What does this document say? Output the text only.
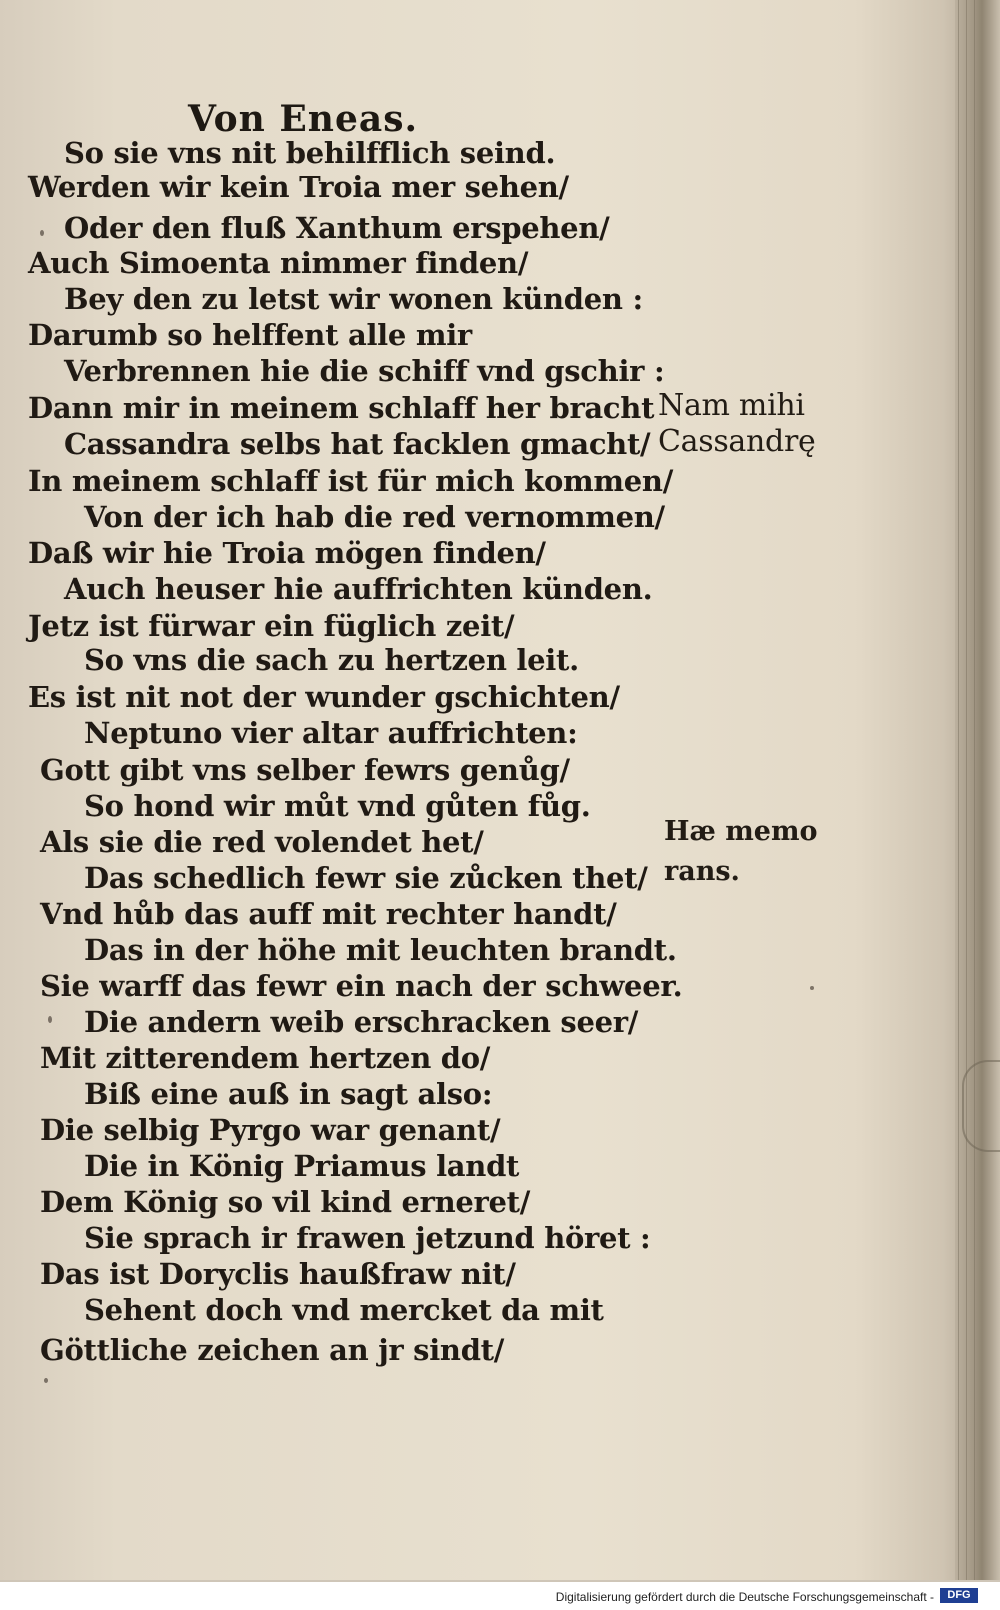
Von Eneas.

So sie vns nit behilfflich seind.

Werden wir kein Troia mer sehen/

Oder den fluß Xanthum erspehen/

Auch Simoenta nimmer finden/

Bey den zu letst wir wonen künden :

Darumb so helffent alle mir

Verbrennen hie die schiff vnd gschir :

Dann mir in meinem schlaff her bracht

Cassandra selbs hat facklen gmacht/

In meinem schlaff ist für mich kommen/

Von der ich hab die red vernommen/

Daß wir hie Troia mögen finden/

Auch heuser hie auffrichten künden.

Jetz ist fürwar ein füglich zeit/

So vns die sach zu hertzen leit.

Es ist nit not der wunder gschichten/

Neptuno vier altar auffrichten:

Gott gibt vns selber fewrs genůg/

So hond wir můt vnd gůten fůg.

Als sie die red volendet het/

Das schedlich fewr sie zůcken thet/

Vnd hůb das auff mit rechter handt/

Das in der höhe mit leuchten brandt.

Sie warff das fewr ein nach der schweer.

Die andern weib erschracken seer/

Mit zitterendem hertzen do/

Biß eine auß in sagt also:

Die selbig Pyrgo war genant/

Die in König Priamus landt

Dem König so vil kind erneret/

Sie sprach ir frawen jetzund höret :

Das ist Doryclis haußfraw nit/

Sehent doch vnd mercket da mit

Göttliche zeichen an jr sindt/

Nam mihi

Cassandrę

Hæ memo

rans.

Digitalisierung gefördert durch die Deutsche Forschungsgemeinschaft -	DFG
